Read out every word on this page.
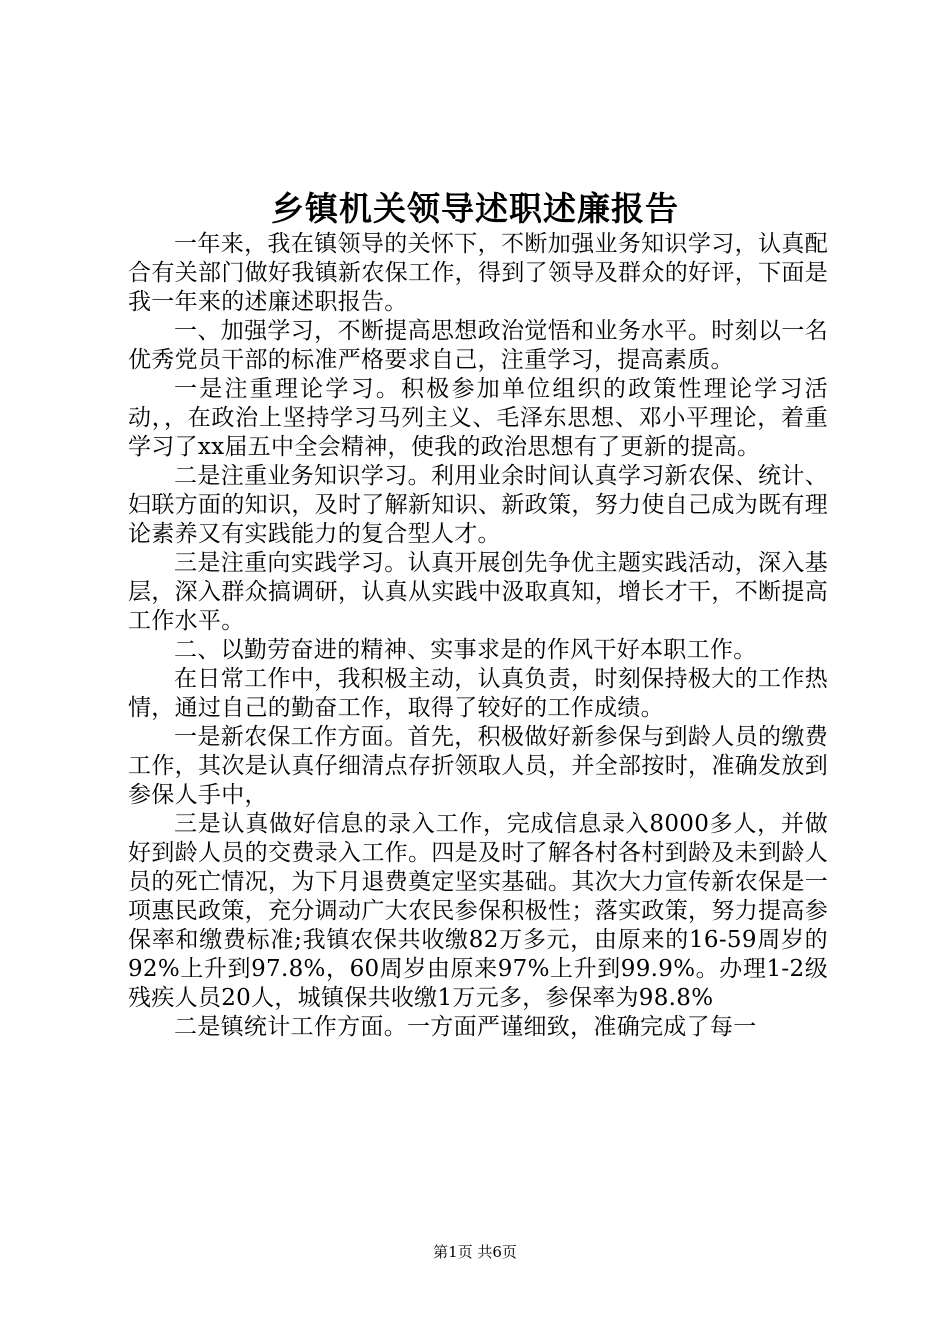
乡镇机关领导述职述廉报告

一年来，我在镇领导的关怀下，不断加强业务知识学习，认真配合有关部门做好我镇新农保工作，得到了领导及群众的好评，下面是我一年来的述廉述职报告。

一、加强学习，不断提高思想政治觉悟和业务水平。时刻以一名优秀党员干部的标准严格要求自己，注重学习，提高素质。

一是注重理论学习。积极参加单位组织的政策性理论学习活动，，在政治上坚持学习马列主义、毛泽东思想、邓小平理论，着重学习了xx届五中全会精神，使我的政治思想有了更新的提高。

二是注重业务知识学习。利用业余时间认真学习新农保、统计、妇联方面的知识，及时了解新知识、新政策，努力使自己成为既有理论素养又有实践能力的复合型人才。

三是注重向实践学习。认真开展创先争优主题实践活动，深入基层，深入群众搞调研，认真从实践中汲取真知，增长才干，不断提高工作水平。

二、以勤劳奋进的精神、实事求是的作风干好本职工作。

在日常工作中，我积极主动，认真负责，时刻保持极大的工作热情，通过自己的勤奋工作，取得了较好的工作成绩。

一是新农保工作方面。首先，积极做好新参保与到龄人员的缴费工作，其次是认真仔细清点存折领取人员，并全部按时，准确发放到参保人手中，

三是认真做好信息的录入工作，完成信息录入8000多人，并做好到龄人员的交费录入工作。四是及时了解各村各村到龄及未到龄人员的死亡情况，为下月退费奠定坚实基础。其次大力宣传新农保是一项惠民政策，充分调动广大农民参保积极性；落实政策，努力提高参保率和缴费标准;我镇农保共收缴82万多元，由原来的16-59周岁的92%上升到97.8%，60周岁由原来97%上升到99.9%。办理1-2级残疾人员20人，城镇保共收缴1万元多，参保率为98.8%

二是镇统计工作方面。一方面严谨细致，准确完成了每一

第1页 共6页
